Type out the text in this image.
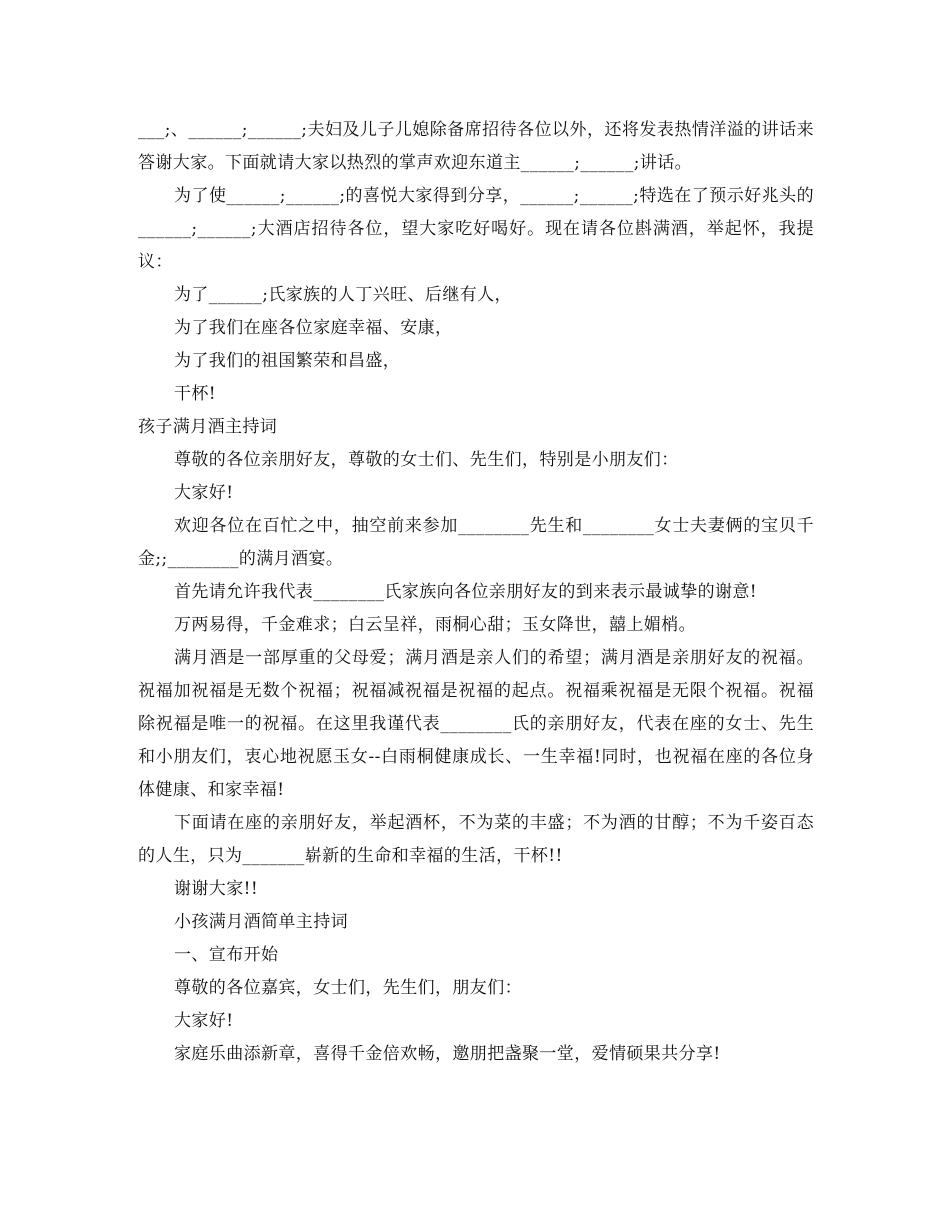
___;、______;______;夫妇及儿子儿媳除备席招待各位以外，还将发表热情洋溢的讲话来答谢大家。下面就请大家以热烈的掌声欢迎东道主______;______;讲话。

为了使______;______;的喜悦大家得到分享，______;______;特选在了预示好兆头的______;______;大酒店招待各位，望大家吃好喝好。现在请各位斟满酒，举起怀，我提议：

为了______;氏家族的人丁兴旺、后继有人，

为了我们在座各位家庭幸福、安康，

为了我们的祖国繁荣和昌盛，

干杯!

孩子满月酒主持词

尊敬的各位亲朋好友，尊敬的女士们、先生们，特别是小朋友们：

大家好!

欢迎各位在百忙之中，抽空前来参加________先生和________女士夫妻俩的宝贝千金;;________的满月酒宴。

首先请允许我代表________氏家族向各位亲朋好友的到来表示最诚挚的谢意!

万两易得，千金难求；白云呈祥，雨桐心甜；玉女降世，囍上媚梢。

满月酒是一部厚重的父母爱；满月酒是亲人们的希望；满月酒是亲朋好友的祝福。祝福加祝福是无数个祝福；祝福减祝福是祝福的起点。祝福乘祝福是无限个祝福。祝福除祝福是唯一的祝福。在这里我谨代表________氏的亲朋好友，代表在座的女士、先生和小朋友们，衷心地祝愿玉女--白雨桐健康成长、一生幸福!同时，也祝福在座的各位身体健康、和家幸福!

下面请在座的亲朋好友，举起酒杯，不为菜的丰盛；不为酒的甘醇；不为千姿百态的人生，只为_______崭新的生命和幸福的生活，干杯!!

谢谢大家!!

小孩满月酒简单主持词

一、宣布开始

尊敬的各位嘉宾，女士们，先生们，朋友们：

大家好!

家庭乐曲添新章，喜得千金倍欢畅，邀朋把盏聚一堂，爱情硕果共分享!
